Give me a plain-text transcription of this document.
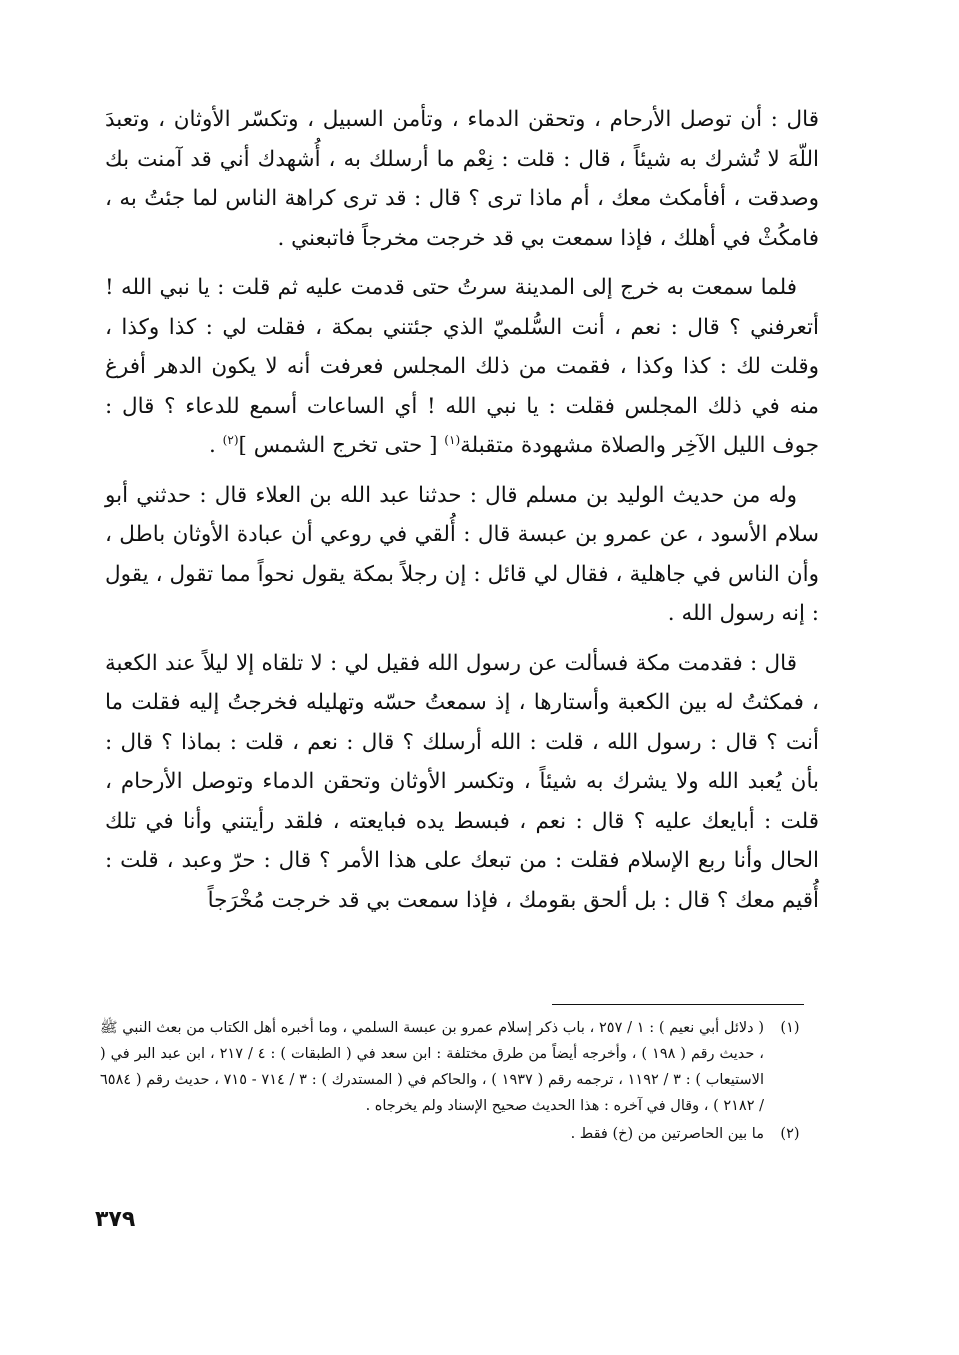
قال : أن توصل الأرحام ، وتحقن الدماء ، وتأمن السبيل ، وتكسّر الأوثان ، وتعبدَ اللّهَ لا تُشرك به شيئاً ، قال : قلت : نِعْم ما أرسلك به ، أُشهدك أني قد آمنت بك وصدقت ، أفأمكث معك ، أم ماذا ترى ؟ قال : قد ترى كراهة الناس لما جئتُ به ، فامكُثْ في أهلك ، فإذا سمعت بي قد خرجت مخرجاً فاتبعني .

فلما سمعت به خرج إلى المدينة سرتُ حتى قدمت عليه ثم قلت : يا نبي الله ! أتعرفني ؟ قال : نعم ، أنت السُّلميّ الذي جئتني بمكة ، فقلت لي : كذا وكذا ، وقلت لك : كذا وكذا ، فقمت من ذلك المجلس فعرفت أنه لا يكون الدهر أفرغ منه في ذلك المجلس فقلت : يا نبي الله ! أي الساعات أسمع للدعاء ؟ قال : جوف الليل الآخِر والصلاة مشهودة متقبلة$^{(١)}$ [ حتى تخرج الشمس ]$^{(٢)}$ .

وله من حديث الوليد بن مسلم قال : حدثنا عبد الله بن العلاء قال : حدثني أبو سلام الأسود ، عن عمرو بن عبسة قال : أُلقي في روعي أن عبادة الأوثان باطل ، وأن الناس في جاهلية ، فقال لي قائل : إن رجلاً بمكة يقول نحواً مما تقول ، يقول : إنه رسول الله .

قال : فقدمت مكة فسألت عن رسول الله فقيل لي : لا تلقاه إلا ليلاً عند الكعبة ، فمكثتُ له بين الكعبة وأستارها ، إذ سمعتُ حسّه وتهليله فخرجتُ إليه فقلت ما أنت ؟ قال : رسول الله ، قلت : الله أرسلك ؟ قال : نعم ، قلت : بماذا ؟ قال : بأن يُعبد الله ولا يشرك به شيئاً ، وتكسر الأوثان وتحقن الدماء وتوصل الأرحام ، قلت : أبايعك عليه ؟ قال : نعم ، فبسط يده فبايعته ، فلقد رأيتني وأنا في تلك الحال وأنا ربع الإسلام فقلت : من تبعك على هذا الأمر ؟ قال : حرّ وعبد ، قلت : أُقيم معك ؟ قال : بل ألحق بقومك ، فإذا سمعت بي قد خرجت مُخْرَجاً

(١)
( دلائل أبي نعيم ) : ١ / ٢٥٧ ، باب ذكر إسلام عمرو بن عبسة السلمي ، وما أخبره أهل الكتاب من بعث النبي ﷺ ، حديث رقم ( ١٩٨ ) ، وأخرجه أيضاً من طرق مختلفة : ابن سعد في ( الطبقات ) : ٤ / ٢١٧ ، ابن عبد البر في ( الاستيعاب ) : ٣ / ١١٩٢ ، ترجمه رقم ( ١٩٣٧ ) ، والحاكم في ( المستدرك ) : ٣ / ٧١٤ - ٧١٥ ، حديث رقم ( ٦٥٨٤ / ٢١٨٢ ) ، وقال في آخره : هذا الحديث صحيح الإسناد ولم يخرجاه .
(٢)
ما بين الحاصرتين من (خ) فقط .
٣٧٩
